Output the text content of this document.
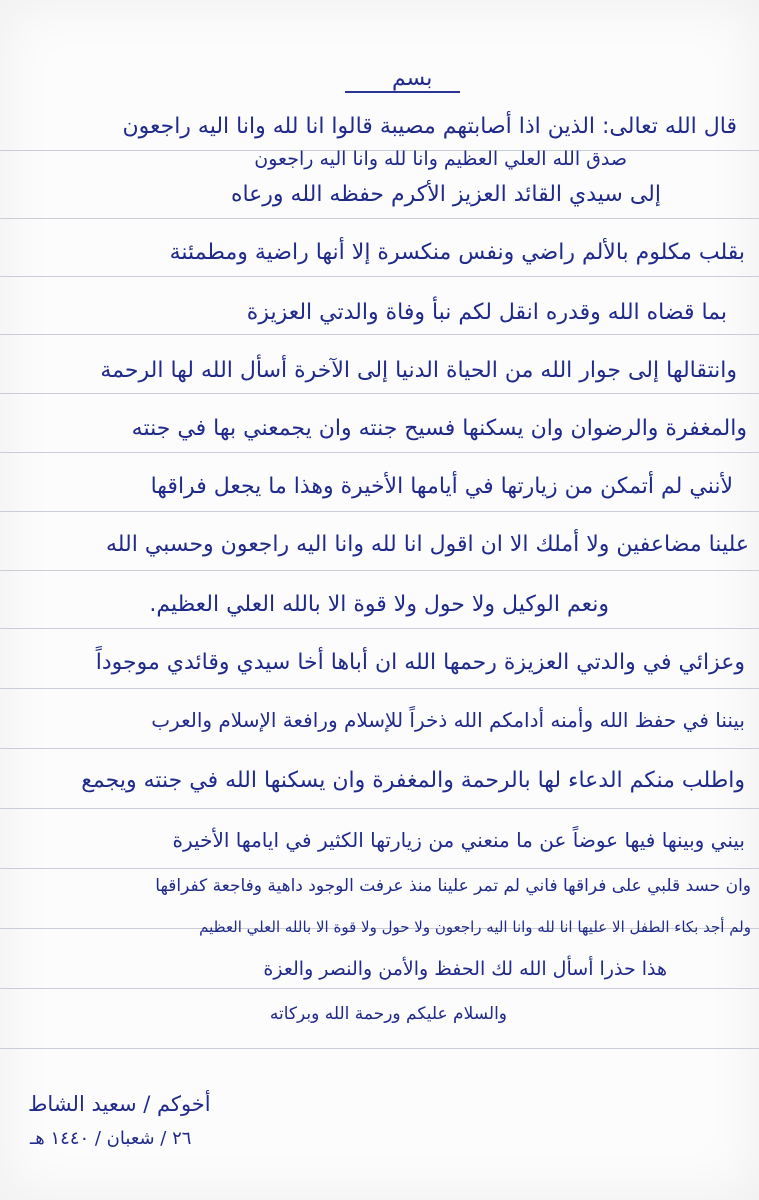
بسم
قال الله تعالى: الذين اذا أصابتهم مصيبة قالوا انا لله وانا اليه راجعون
صدق الله العلي العظيم وانا لله وانا اليه راجعون
إلى سيدي القائد العزيز الأكرم حفظه الله ورعاه
بقلب مكلوم بالألم راضي ونفس منكسرة إلا أنها راضية ومطمئنة
بما قضاه الله وقدره انقل لكم نبأ وفاة والدتي العزيزة
وانتقالها إلى جوار الله من الحياة الدنيا إلى الآخرة أسأل الله لها الرحمة
والمغفرة والرضوان وان يسكنها فسيح جنته وان يجمعني بها في جنته
لأنني لم أتمكن من زيارتها في أيامها الأخيرة وهذا ما يجعل فراقها
علينا مضاعفين ولا أملك الا ان اقول انا لله وانا اليه راجعون وحسبي الله
ونعم الوكيل ولا حول ولا قوة الا بالله العلي العظيم.
وعزائي في والدتي العزيزة رحمها الله ان أباها أخا سيدي وقائدي موجوداً
بيننا في حفظ الله وأمنه أدامكم الله ذخراً للإسلام ورافعة الإسلام والعرب
واطلب منكم الدعاء لها بالرحمة والمغفرة وان يسكنها الله في جنته ويجمع
بيني وبينها فيها عوضاً عن ما منعني من زيارتها الكثير في ايامها الأخيرة
وان حسد قلبي على فراقها فاني لم تمر علينا منذ عرفت الوجود داهية وفاجعة كفراقها
ولم أجد بكاء الطفل الا عليها انا لله وانا اليه راجعون ولا حول ولا قوة الا بالله العلي العظيم
هذا حذرا أسأل الله لك الحفظ والأمن والنصر والعزة
والسلام عليكم ورحمة الله وبركاته
أخوكم / سعيد الشاط
٢٦ / شعبان / ١٤٤٠ هـ
